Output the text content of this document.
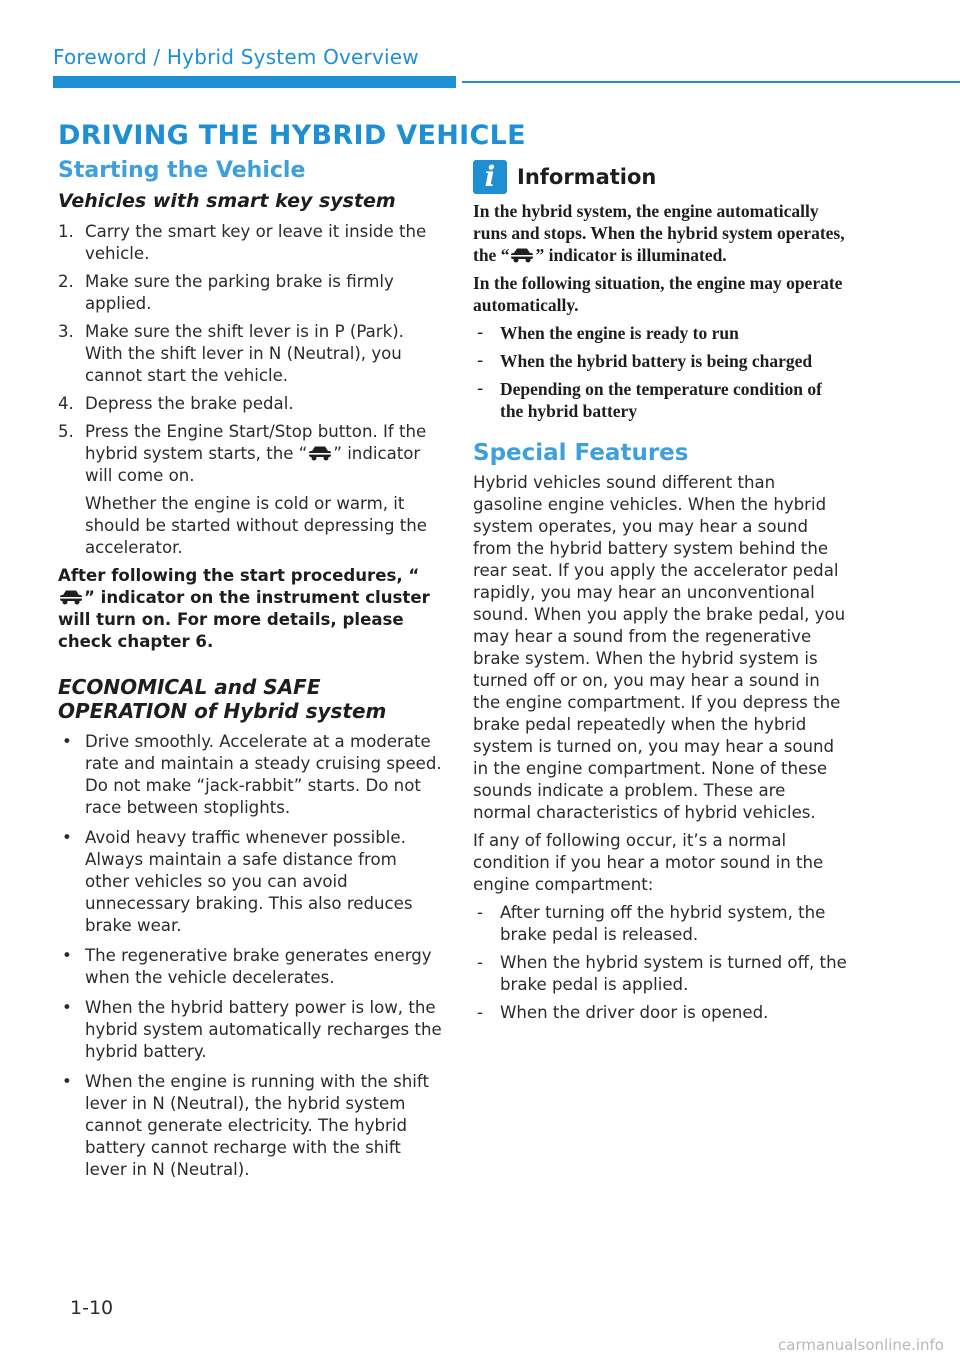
Foreword / Hybrid System Overview
DRIVING THE HYBRID VEHICLE
Starting the Vehicle
Vehicles with smart key system
1. Carry the smart key or leave it inside the vehicle.
2. Make sure the parking brake is firmly applied.
3. Make sure the shift lever is in P (Park). With the shift lever in N (Neutral), you cannot start the vehicle.
4. Depress the brake pedal.
5. Press the Engine Start/Stop button. If the hybrid system starts, the “ ” indicator will come on.
Whether the engine is cold or warm, it should be started without depressing the accelerator.

After following the start procedures, “” indicator on the instrument cluster will turn on. For more details, please check chapter 6.

ECONOMICAL and SAFE OPERATION of Hybrid system
• Drive smoothly. Accelerate at a moderate rate and maintain a steady cruising speed. Do not make “jack-rabbit” starts. Do not race between stoplights.
• Avoid heavy traffic whenever possible. Always maintain a safe distance from other vehicles so you can avoid unnecessary braking. This also reduces brake wear.
• The regenerative brake generates energy when the vehicle decelerates.
• When the hybrid battery power is low, the hybrid system automatically recharges the hybrid battery.
• When the engine is running with the shift lever in N (Neutral), the hybrid system cannot generate electricity. The hybrid battery cannot recharge with the shift lever in N (Neutral).
i	Information

In the hybrid system, the engine automatically runs and stops. When the hybrid system operates, the “ ” indicator is illuminated.

In the following situation, the engine may operate automatically.

- When the engine is ready to run
- When the hybrid battery is being charged
- Depending on the temperature condition of the hybrid battery
Special Features

Hybrid vehicles sound different than gasoline engine vehicles. When the hybrid system operates, you may hear a sound from the hybrid battery system behind the rear seat. If you apply the accelerator pedal rapidly, you may hear an unconventional sound. When you apply the brake pedal, you may hear a sound from the regenerative brake system. When the hybrid system is turned off or on, you may hear a sound in the engine compartment. If you depress the brake pedal repeatedly when the hybrid system is turned on, you may hear a sound in the engine compartment. None of these sounds indicate a problem. These are normal characteristics of hybrid vehicles.

If any of following occur, it’s a normal condition if you hear a motor sound in the engine compartment:

- After turning off the hybrid system, the brake pedal is released.
- When the hybrid system is turned off, the brake pedal is applied.
- When the driver door is opened.
1-10
carmanualsonline.info
